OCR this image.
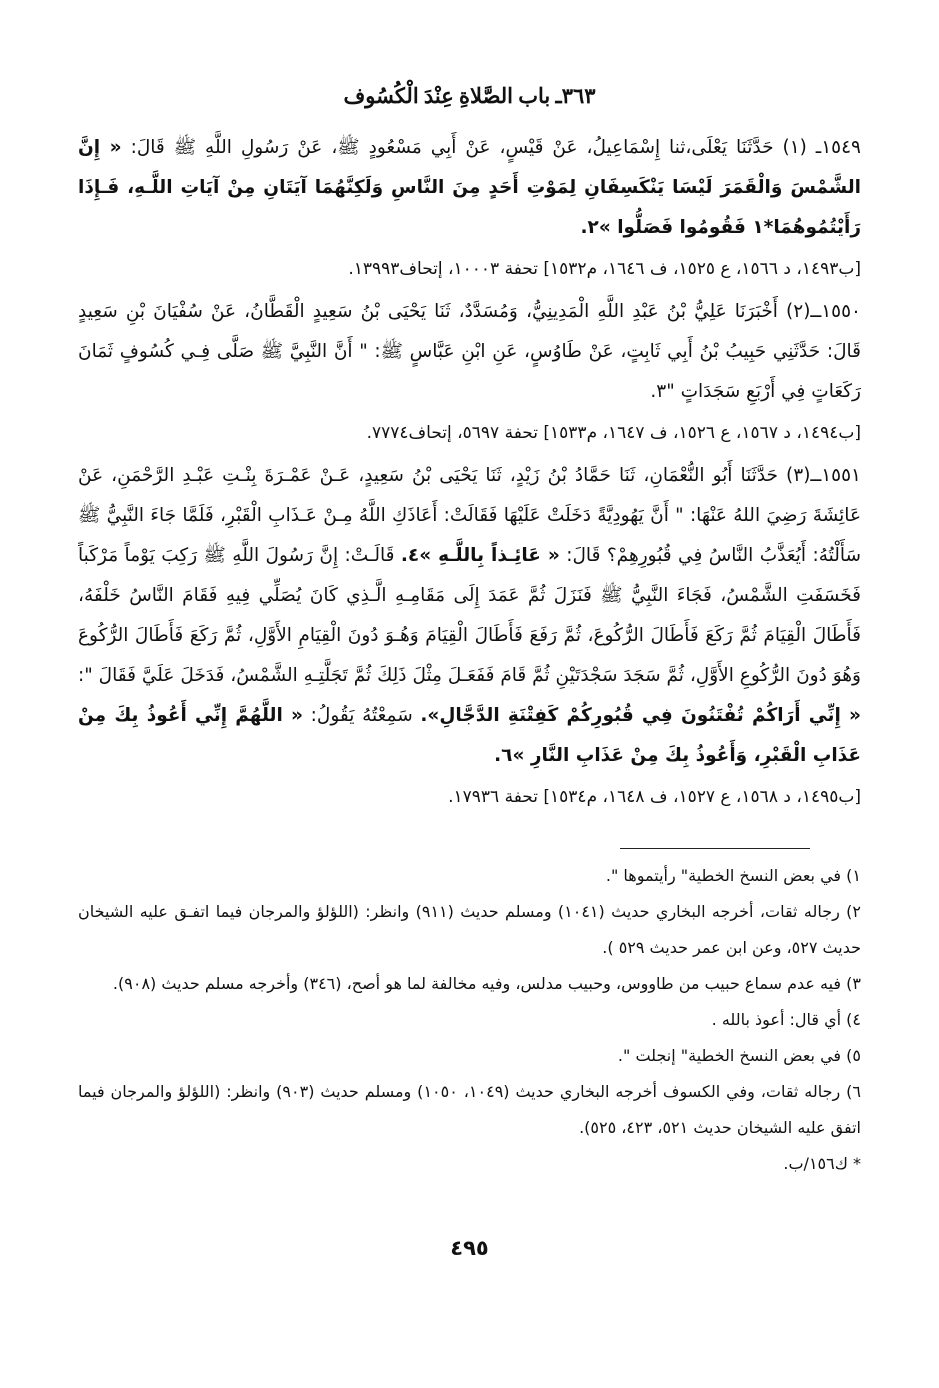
٣٦٣ـ باب الصَّلاةِ عِنْدَ الْكُسُوف

١٥٤٩ـ (١) حَدَّثَنَا يَعْلَى،ثنا إِسْمَاعِيلُ، عَنْ قَيْسٍ، عَنْ أَبِي مَسْعُودٍ ﷺ، عَنْ رَسُولِ اللَّهِ ﷺ قَالَ: « إِنَّ الشَّمْسَ وَالْقَمَرَ لَيْسَا يَنْكَسِفَانِ لِمَوْتِ أَحَدٍ مِنَ النَّاسِ وَلَكِنَّهُمَا آيَتَانِ مِنْ آيَاتِ اللَّـهِ، فَـإِذَا رَأَيْتُمُوهُمَا*١ فَقُومُوا فَصَلُّوا »٢.

[ب١٤٩٣، د ١٥٦٦، ع ١٥٢٥، ف ١٦٤٦، م١٥٣٢] تحفة ١٠٠٠٣، إتحاف١٣٩٩٣.

١٥٥٠ــ(٢) أَخْبَرَنَا عَلِيُّ بْنُ عَبْدِ اللَّهِ الْمَدِينِيُّ، وَمُسَدَّدٌ، ثَنَا يَحْيَى بْنُ سَعِيدٍ الْقَطَّانُ، عَنْ سُفْيَانَ بْنِ سَعِيدٍ قَالَ: حَدَّثَنِي حَبِيبُ بْنُ أَبِي ثَابِتٍ، عَنْ طَاوُسٍ، عَنِ ابْنِ عَبَّاسٍ ﷺ: " أَنَّ النَّبِيَّ ﷺ صَلَّى فِـي كُسُوفٍ ثَمَانَ رَكَعَاتٍ فِي أَرْبَعِ سَجَدَاتٍ "٣.

[ب١٤٩٤، د ١٥٦٧، ع ١٥٢٦، ف ١٦٤٧، م١٥٣٣] تحفة ٥٦٩٧، إتحاف٧٧٧٤.

١٥٥١ــ(٣) حَدَّثَنَا أَبُو النُّعْمَانِ، ثَنَا حَمَّادُ بْنُ زَيْدٍ، ثَنَا يَحْيَى بْنُ سَعِيدٍ، عَـنْ عَمْـرَةَ بِنْـتِ عَبْـدِ الرَّحْمَنِ، عَنْ عَائِشَةَ رَضِيَ اللهُ عَنْهَا: " أَنَّ يَهُودِيَّةً دَخَلَتْ عَلَيْهَا فَقَالَتْ: أَعَاذَكِ اللَّهُ مِـنْ عَـذَابِ الْقَبْرِ، فَلَمَّا جَاءَ النَّبِيُّ ﷺ سَأَلْتُهُ: أَيُعَذَّبُ النَّاسُ فِي قُبُورِهِمْ؟ قَالَ: « عَائِـذاً بِاللَّـهِ »٤. قَالَـتْ: إِنَّ رَسُولَ اللَّهِ ﷺ رَكِبَ يَوْماً مَرْكَباً فَخَسَفَتِ الشَّمْسُ، فَجَاءَ النَّبِيُّ ﷺ فَنَزَلَ ثُمَّ عَمَدَ إِلَى مَقَامِـهِ الَّـذِي كَانَ يُصَلِّي فِيهِ فَقَامَ النَّاسُ خَلْفَهُ، فَأَطَالَ الْقِيَامَ ثُمَّ رَكَعَ فَأَطَالَ الرُّكُوعَ، ثُمَّ رَفَعَ فَأَطَالَ الْقِيَامَ وَهُـوَ دُونَ الْقِيَامِ الأَوَّلِ، ثُمَّ رَكَعَ فَأَطَالَ الرُّكُوعَ وَهُوَ دُونَ الرُّكُوعِ الأَوَّلِ، ثُمَّ سَجَدَ سَجْدَتَيْنِ ثُمَّ قَامَ فَفَعَـلَ مِثْلَ ذَلِكَ ثُمَّ تَجَلَّتِـهِ الشَّمْسُ، فَدَخَلَ عَلَيَّ فَقَالَ ": « إِنِّي أَرَاكُمْ تُفْتَنُونَ فِي قُبُورِكُمْ كَفِتْنَةِ الدَّجَّالِ». سَمِعْتُهُ يَقُولُ: « اللَّهُمَّ إِنِّي أَعُوذُ بِكَ مِنْ عَذَابِ الْقَبْرِ، وَأَعُوذُ بِكَ مِنْ عَذَابِ النَّارِ »٦.

[ب١٤٩٥، د ١٥٦٨، ع ١٥٢٧، ف ١٦٤٨، م١٥٣٤] تحفة ١٧٩٣٦.

١) في بعض النسخ الخطية" رأيتموها ".

٢) رجاله ثقات، أخرجه البخاري حديث (١٠٤١) ومسلم حديث (٩١١) وانظر: (اللؤلؤ والمرجان فيما اتفـق عليه الشيخان حديث ٥٢٧، وعن ابن عمر حديث ٥٢٩ ).

٣) فيه عدم سماع حبيب من طاووس، وحبيب مدلس، وفيه مخالفة لما هو أصح، (٣٤٦) وأخرجه مسلم حديث (٩٠٨).

٤) أي قال: أعوذ بالله .

٥) في بعض النسخ الخطية" إنجلت ".

٦) رجاله ثقات، وفي الكسوف أخرجه البخاري حديث (١٠٤٩، ١٠٥٠) ومسلم حديث (٩٠٣) وانظر: (اللؤلؤ والمرجان فيما اتفق عليه الشيخان حديث ٥٢١، ٤٢٣، ٥٢٥).

* ك١٥٦/ب.

٤٩٥
